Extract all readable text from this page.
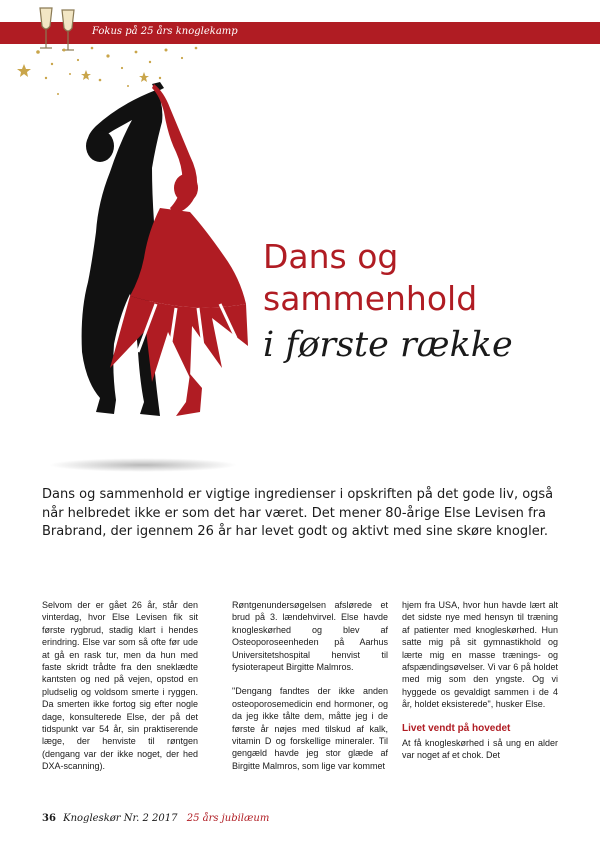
Fokus på 25 års knoglekamp
Dans og
sammenhold
i første række
Dans og sammenhold er vigtige ingredienser i opskriften på det gode liv, også når helbredet ikke er som det har været. Det mener 80-årige Else Levisen fra Brabrand, der igennem 26 år har levet godt og aktivt med sine skøre knogler.

Selvom der er gået 26 år, står den vinterdag, hvor Else Levisen fik sit første rygbrud, stadig klart i hendes erindring. Else var som så ofte før ude at gå en rask tur, men da hun med faste skridt trådte fra den sneklædte kantsten og ned på vejen, opstod en pludselig og voldsom smerte i ryggen. Da smerten ikke fortog sig efter nogle dage, konsulterede Else, der på det tidspunkt var 54 år, sin praktiserende læge, der henviste til røntgen (dengang var der ikke noget, der hed DXA-scanning).

Røntgenundersøgelsen afslørede et brud på 3. lændehvirvel. Else havde knogleskørhed og blev af Osteoporoseenheden på Aarhus Universitetshospital henvist til fysioterapeut Birgitte Malmros.

"Dengang fandtes der ikke anden osteoporosemedicin end hormoner, og da jeg ikke tålte dem, måtte jeg i de første år nøjes med tilskud af kalk, vitamin D og forskellige mineraler. Til gengæld havde jeg stor glæde af Birgitte Malmros, som lige var kommet

hjem fra USA, hvor hun havde lært alt det sidste nye med hensyn til træning af patienter med knogleskørhed. Hun satte mig på sit gymnastikhold og lærte mig en masse trænings- og afspændingsøvelser. Vi var 6 på holdet med mig som den yngste. Og vi hyggede os gevaldigt sammen i de 4 år, holdet eksisterede", husker Else.

Livet vendt på hovedet

At få knogleskørhed i så ung en alder var noget af et chok. Det

36 Knogleskør Nr. 2 2017 25 års jubilæum
